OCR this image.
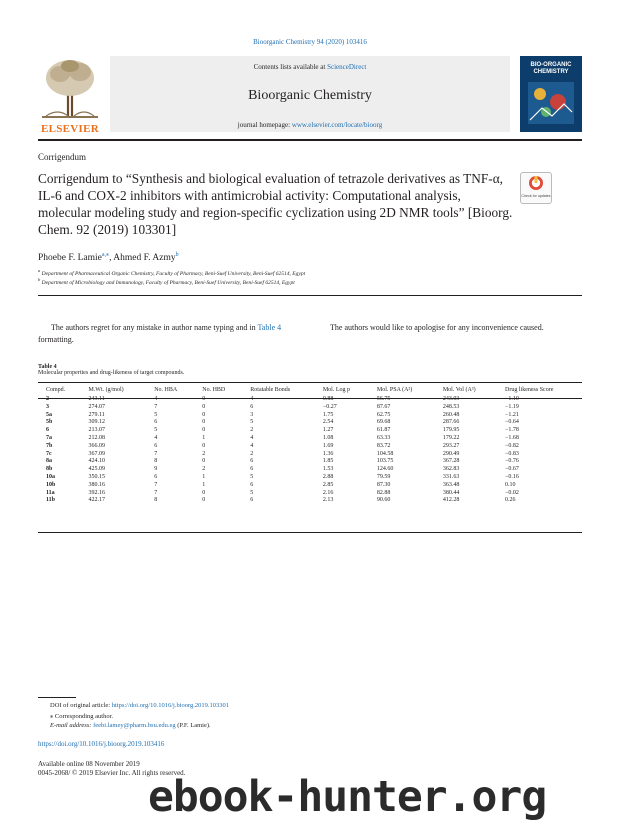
Bioorganic Chemistry 94 (2020) 103416
ELSEVIER
Contents lists available at ScienceDirect
Bioorganic Chemistry
journal homepage: www.elsevier.com/locate/bioorg
BIO-ORGANIC CHEMISTRY
Corrigendum
Corrigendum to “Synthesis and biological evaluation of tetrazole derivatives as TNF-α, IL-6 and COX-2 inhibitors with antimicrobial activity: Computational analysis, molecular modeling study and region-specific cyclization using 2D NMR tools” [Bioorg. Chem. 92 (2019) 103301]
Check for updates
Phoebe F. Lamie$^{a,⁎}$, Ahmed F. Azmy$^b$
$^a$ Department of Pharmaceutical Organic Chemistry, Faculty of Pharmacy, Beni-Suef University, Beni-Suef 62514, Egypt
$^b$ Department of Microbiology and Immunology, Faculty of Pharmacy, Beni-Suef University, Beni-Suef 62514, Egypt
The authors regret for any mistake in author name typing and in Table 4 formatting.
The authors would like to apologise for any inconvenience caused.
Table 4
Molecular properties and drug-likeness of target compounds.
Compd.	M.Wt. (g/mol)	No. HBA	No. HBD	Rotatable Bonds	Mol. Log p	Mol. PSA (A²)	Mol. Vol (A³)	Drug likeness Score
2	243.11	4	0	4	0.88	56.75	243.03	−1.10
3	274.07	7	0	6	−0.27	87.67	248.53	−1.19
5a	279.11	5	0	3	1.75	62.75	260.48	−1.21
5b	309.12	6	0	5	2.54	69.68	287.66	−0.64
6	213.07	5	0	2	1.27	61.87	179.95	−1.78
7a	212.08	4	1	4	1.08	63.33	179.22	−1.68
7b	366.09	6	0	4	1.69	83.72	293.27	−0.82
7c	367.09	7	2	2	1.36	104.58	290.49	−0.83
8a	424.10	8	0	6	1.85	103.75	367.28	−0.76
8b	425.09	9	2	6	1.53	124.60	362.83	−0.67
10a	350.15	6	1	5	2.88	79.59	331.63	−0.16
10b	380.16	7	1	6	2.85	87.30	363.48	0.10
11a	392.16	7	0	5	2.16	82.88	380.44	−0.02
11b	422.17	8	0	6	2.13	90.60	412.28	0.26
DOI of original article: https://doi.org/10.1016/j.bioorg.2019.103301
⁎ Corresponding author.
E-mail address: feebi.lamey@pharm.bsu.edu.eg (P.F. Lamie).
https://doi.org/10.1016/j.bioorg.2019.103416
Available online 08 November 2019
0045-2068/ © 2019 Elsevier Inc. All rights reserved.
ebook-hunter.org
